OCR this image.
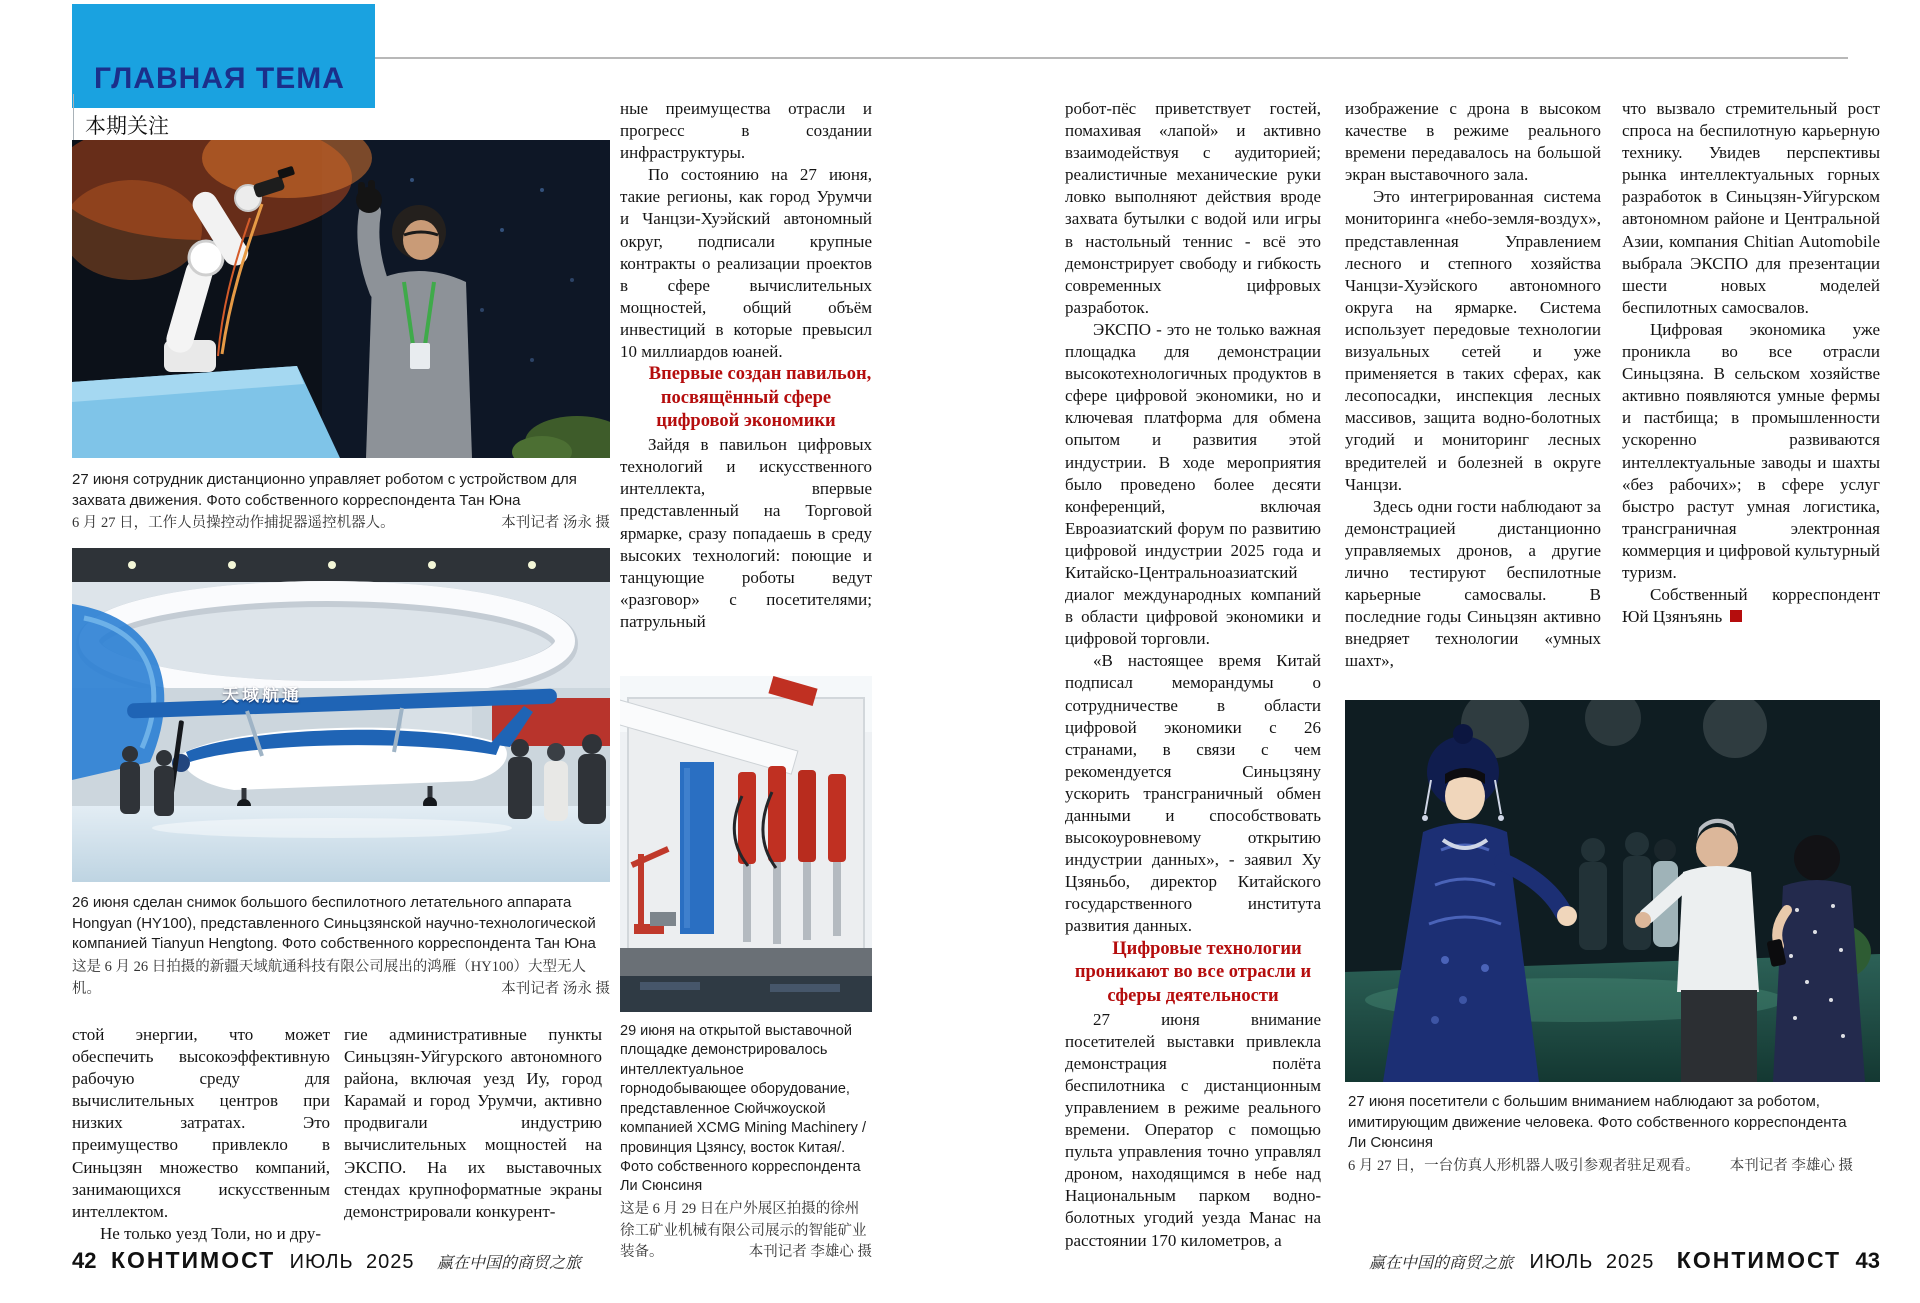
ГЛАВНАЯ ТЕМА
本期关注
27 июня сотрудник дистанционно управляет роботом с устройством для захвата движения. Фото собственного корреспондента Тан Юна
6 月 27 日，工作人员操控动作捕捉器遥控机器人。	本刊记者 汤永 摄
天域航通
26 июня сделан снимок большого беспилотного летательного аппарата Hongyan (HY100), представленного Синьцзянской научно-технологической компанией Tianyun Hengtong. Фото собственного корреспондента Тан Юна
这是 6 月 26 日拍摄的新疆天域航通科技有限公司展出的鸿雁（HY100）大型无人机。	本刊记者 汤永 摄

стой энергии, что может обеспечить высокоэффективную рабочую среду для вычислительных центров при низких затратах. Это преимущество привлекло в Синьцзян множество компаний, занимающихся искусственным интеллектом.

Не только уезд Толи, но и дру-

гие административные пункты Синьцзян-Уйгурского автономного района, включая уезд Иу, город Карамай и город Урумчи, активно продвигали индустрию вычислительных мощностей на ЭКСПО. На их выставочных стендах крупноформатные экраны демонстрировали конкурент-

ные преимущества отрасли и прогресс в создании инфраструктуры.

По состоянию на 27 июня, такие регионы, как город Урумчи и Чанцзи-Хуэйский автономный округ, подписали крупные контракты о реализации проектов в сфере вычислительных мощностей, общий объём инвестиций в которые превысил 10 миллиардов юаней.

Впервые создан павильон, посвящённый сфере цифровой экономики

Зайдя в павильон цифровых технологий и искусственного интеллекта, впервые представленный на Торговой ярмарке, сразу попадаешь в среду высоких технологий: поющие и танцующие роботы ведут «разговор» с посетителями; патрульный

29 июня на открытой выставочной площадке демонстрировалось интеллектуальное горнодобывающее оборудование, представленное Сюйчжоуской компанией XCMG Mining Machinery /провинция Цзянсу, восток Китая/. Фото собственного корреспондента Ли Сюнсиня
这是 6 月 29 日在户外展区拍摄的徐州徐工矿业机械有限公司展示的智能矿业装备。	本刊记者 李雄心 摄

робот-пёс приветствует гостей, помахивая «лапой» и активно взаимодействуя с аудиторией; реалистичные механические руки ловко выполняют действия вроде захвата бутылки с водой или игры в настольный теннис - всё это демонстрирует свободу и гибкость современных цифровых разработок.

ЭКСПО - это не только важная площадка для демонстрации высокотехнологичных продуктов в сфере цифровой экономики, но и ключевая платформа для обмена опытом и развития этой индустрии. В ходе мероприятия было проведено более десяти конференций, включая Евроазиатский форум по развитию цифровой индустрии 2025 года и Китайско-Центральноазиатский диалог международных компаний в области цифровой экономики и цифровой торговли.

«В настоящее время Китай подписал меморандумы о сотрудничестве в области цифровой экономики с 26 странами, в связи с чем рекомендуется Синьцзяну ускорить трансграничный обмен данными и способствовать высокоуровневому открытию индустрии данных», - заявил Ху Цзяньбо, директор Китайского государственного института развития данных.

Цифровые технологии проникают во все отрасли и сферы деятельности

27 июня внимание посетителей выставки привлекла демонстрация полёта беспилотника с дистанционным управлением в режиме реального времени. Оператор с помощью пульта управления точно управлял дроном, находящимся в небе над Национальным парком водно-болотных угодий уезда Манас на расстоянии 170 километров, а

изображение с дрона в высоком качестве в режиме реального времени передавалось на большой экран выставочного зала.

Это интегрированная система мониторинга «небо-земля-воздух», представленная Управлением лесного и степного хозяйства Чанцзи-Хуэйского автономного округа на ярмарке. Система использует передовые технологии визуальных сетей и уже применяется в таких сферах, как лесопосадки, инспекция лесных массивов, защита водно-болотных угодий и мониторинг лесных вредителей и болезней в округе Чанцзи.

Здесь одни гости наблюдают за демонстрацией дистанционно управляемых дронов, а другие лично тестируют беспилотные карьерные самосвалы. В последние годы Синьцзян активно внедряет технологии «умных шахт»,

что вызвало стремительный рост спроса на беспилотную карьерную технику. Увидев перспективы рынка интеллектуальных горных разработок в Синьцзян-Уйгурском автономном районе и Центральной Азии, компания Chitian Automobile выбрала ЭКСПО для презентации шести новых моделей беспилотных самосвалов.

Цифровая экономика уже проникла во все отрасли Синьцзяна. В сельском хозяйстве активно появляются умные фермы и пастбища; в промышленности ускоренно развиваются интеллектуальные заводы и шахты «без рабочих»; в сфере услуг быстро растут умная логистика, трансграничная электронная коммерция и цифровой культурный туризм.

Собственный корреспондент Юй Цзянъянь

27 июня посетители с большим вниманием наблюдают за роботом, имитирующим движение человека. Фото собственного корреспондента Ли Сюнсиня
6 月 27 日，一台仿真人形机器人吸引参观者驻足观看。 本刊记者 李雄心 摄
42 КОНТИМОСТ ИЮЛЬ 2025 赢在中国的商贸之旅	赢在中国的商贸之旅 ИЮЛЬ 2025 КОНТИМОСТ 43
